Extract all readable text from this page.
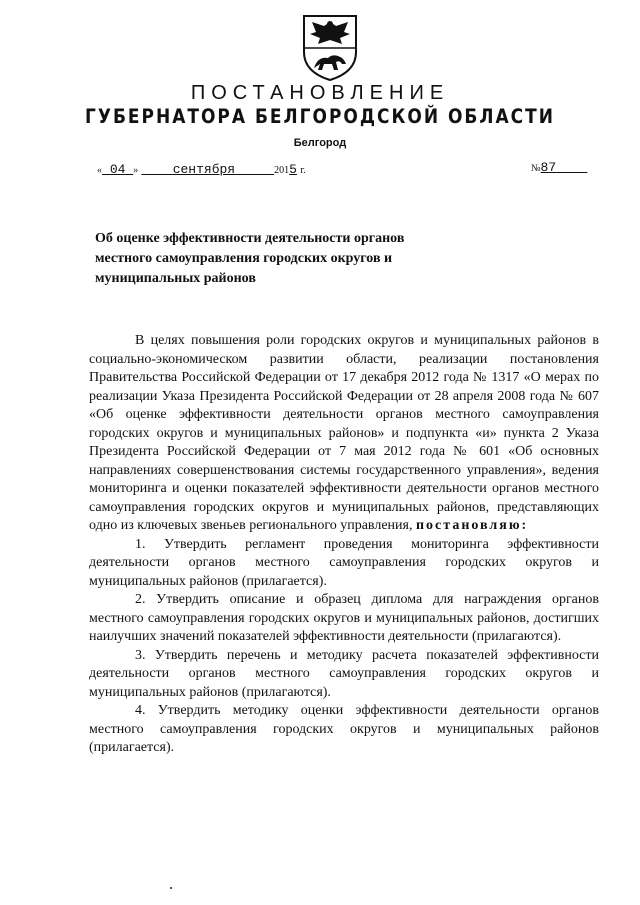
ПОСТАНОВЛЕНИЕ
ГУБЕРНАТОРА БЕЛГОРОДСКОЙ ОБЛАСТИ
Белгород
« 04 »	сентября	2015 г.	№87
Об оценке эффективности деятельности органов местного самоуправления городских округов и муниципальных районов

В целях повышения роли городских округов и муниципальных районов в социально-экономическом развитии области, реализации постановления Правительства Российской Федерации от 17 декабря 2012 года № 1317 «О мерах по реализации Указа Президента Российской Федерации от 28 апреля 2008 года № 607 «Об оценке эффективности деятельности органов местного самоуправления городских округов и муниципальных районов» и подпункта «и» пункта 2 Указа Президента Российской Федерации от 7 мая 2012 года № 601 «Об основных направлениях совершенствования системы государственного управления», ведения мониторинга и оценки показателей эффективности деятельности органов местного самоуправления городских округов и муниципальных районов, представляющих одно из ключевых звеньев регионального управления, постановляю:

1. Утвердить регламент проведения мониторинга эффективности деятельности органов местного самоуправления городских округов и муниципальных районов (прилагается).

2. Утвердить описание и образец диплома для награждения органов местного самоуправления городских округов и муниципальных районов, достигших наилучших значений показателей эффективности деятельности (прилагаются).

3. Утвердить перечень и методику расчета показателей эффективности деятельности органов местного самоуправления городских округов и муниципальных районов (прилагаются).

4. Утвердить методику оценки эффективности деятельности органов местного самоуправления городских округов и муниципальных районов (прилагается).
